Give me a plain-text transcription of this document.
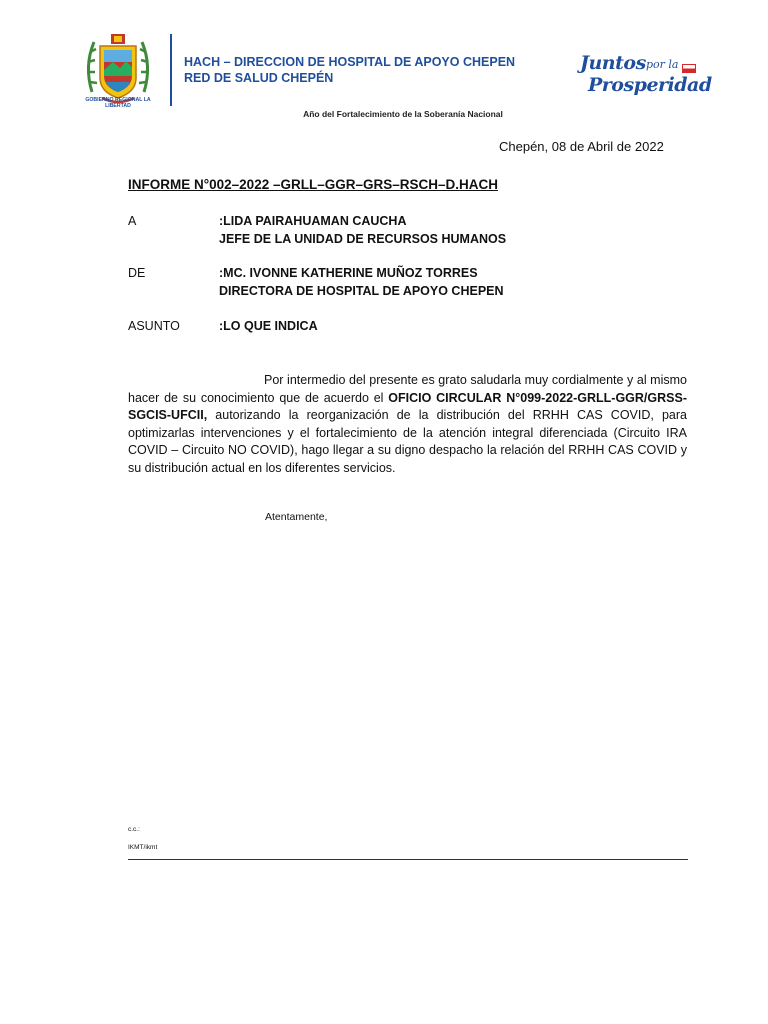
GOBIERNO REGIONAL LA LIBERTAD
HACH – DIRECCION DE HOSPITAL DE APOYO CHEPEN
RED DE SALUD CHEPÉN
Juntos por la
Prosperidad
Año del Fortalecimiento de la Soberanía Nacional
Chepén, 08 de Abril de 2022
INFORME N°002–2022 –GRLL–GGR–GRS–RSCH–D.HACH
A	:LIDA PAIRAHUAMAN CAUCHA
JEFE DE LA UNIDAD DE RECURSOS HUMANOS
DE	:MC. IVONNE KATHERINE MUÑOZ TORRES
DIRECTORA DE HOSPITAL DE APOYO CHEPEN
ASUNTO	:LO QUE INDICA
Por intermedio del presente es grato saludarla muy cordialmente y al mismo hacer de su conocimiento que de acuerdo el OFICIO CIRCULAR N°099-2022-GRLL-GGR/GRSS-SGCIS-UFCII, autorizando la reorganización de la distribución del RRHH CAS COVID, para optimizarlas intervenciones y el fortalecimiento de la atención integral diferenciada (Circuito IRA COVID – Circuito NO COVID), hago llegar a su digno despacho la relación del RRHH CAS COVID y su distribución actual en los diferentes servicios.
Atentamente,
c.c.:
IKMT/ikmt
